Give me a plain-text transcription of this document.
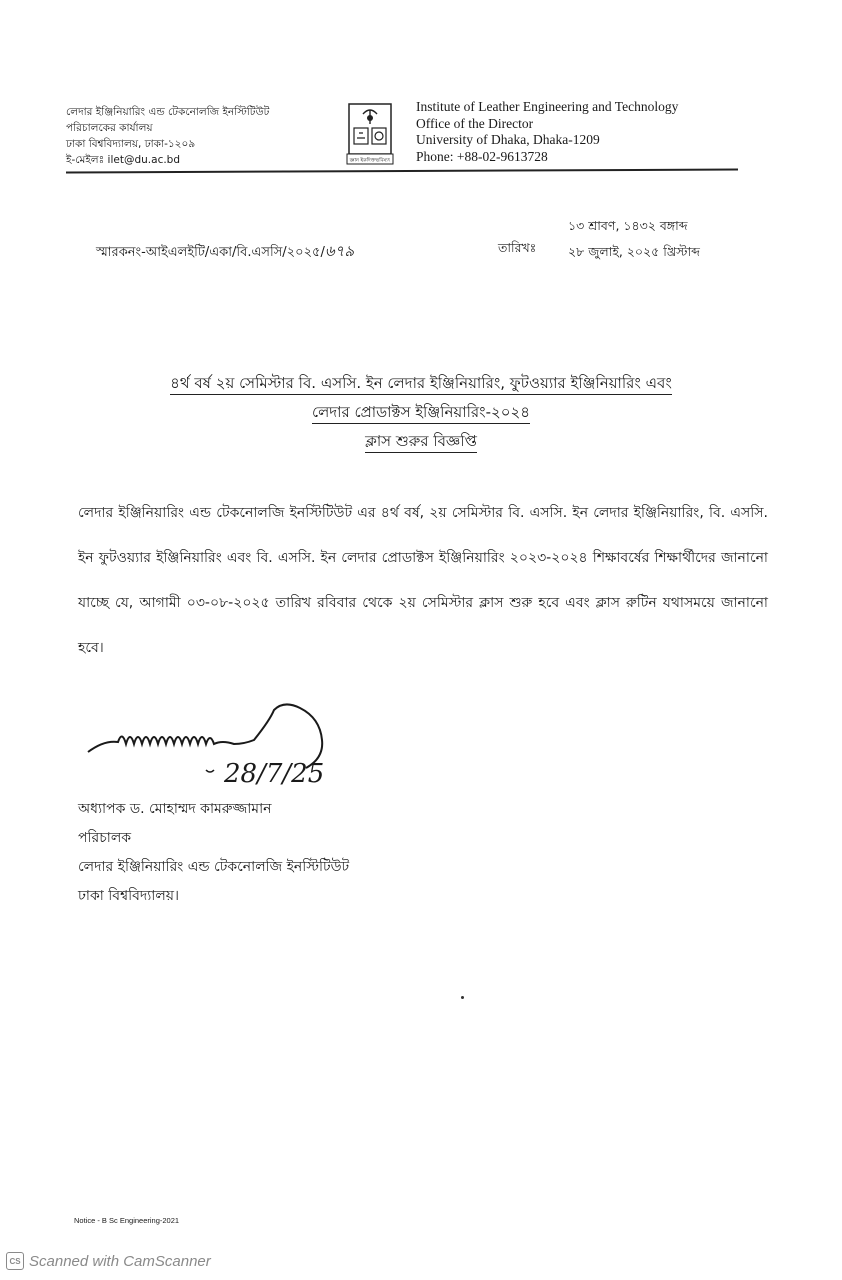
লেদার ইঞ্জিনিয়ারিং এন্ড টেকনোলজি ইনস্টিটিউট
পরিচালকের কার্যালয়
ঢাকা বিশ্ববিদ্যালয়, ঢাকা-১২০৯
ই-মেইলঃ ilet@du.ac.bd	জ্ঞান ইকদিক্তভবিষ্যৎ
Institute of Leather Engineering and Technology
Office of the Director
University of Dhaka, Dhaka-1209
Phone: +88-02-9613728
স্মারকনং-আইএলইটি/একা/বি.এসসি/২০২৫/৬৭৯	তারিখঃ
১৩ শ্রাবণ, ১৪৩২ বঙ্গাব্দ
২৮ জুলাই, ২০২৫ খ্রিস্টাব্দ
৪র্থ বর্ষ ২য় সেমিস্টার বি. এসসি. ইন লেদার ইঞ্জিনিয়ারিং, ফুটওয়্যার ইঞ্জিনিয়ারিং এবং
লেদার প্রোডাক্টস ইঞ্জিনিয়ারিং-২০২৪
ক্লাস শুরুর বিজ্ঞপ্তি
লেদার ইঞ্জিনিয়ারিং এন্ড টেকনোলজি ইনস্টিটিউট এর ৪র্থ বর্ষ, ২য় সেমিস্টার বি. এসসি. ইন লেদার ইঞ্জিনিয়ারিং, বি. এসসি. ইন ফুটওয়্যার ইঞ্জিনিয়ারিং এবং বি. এসসি. ইন লেদার প্রোডাক্টস ইঞ্জিনিয়ারিং ২০২৩-২০২৪ শিক্ষাবর্ষের শিক্ষার্থীদের জানানো যাচ্ছে যে, আগামী ০৩-০৮-২০২৫ তারিখ রবিবার থেকে ২য় সেমিস্টার ক্লাস শুরু হবে এবং ক্লাস রুটিন যথাসময়ে জানানো হবে।
28/7/25
অধ্যাপক ড. মোহাম্মদ কামরুজ্জামান
পরিচালক
লেদার ইঞ্জিনিয়ারিং এন্ড টেকনোলজি ইনস্টিটিউট
ঢাকা বিশ্ববিদ্যালয়।
Notice - B Sc Engineering-2021
CS Scanned with CamScanner
